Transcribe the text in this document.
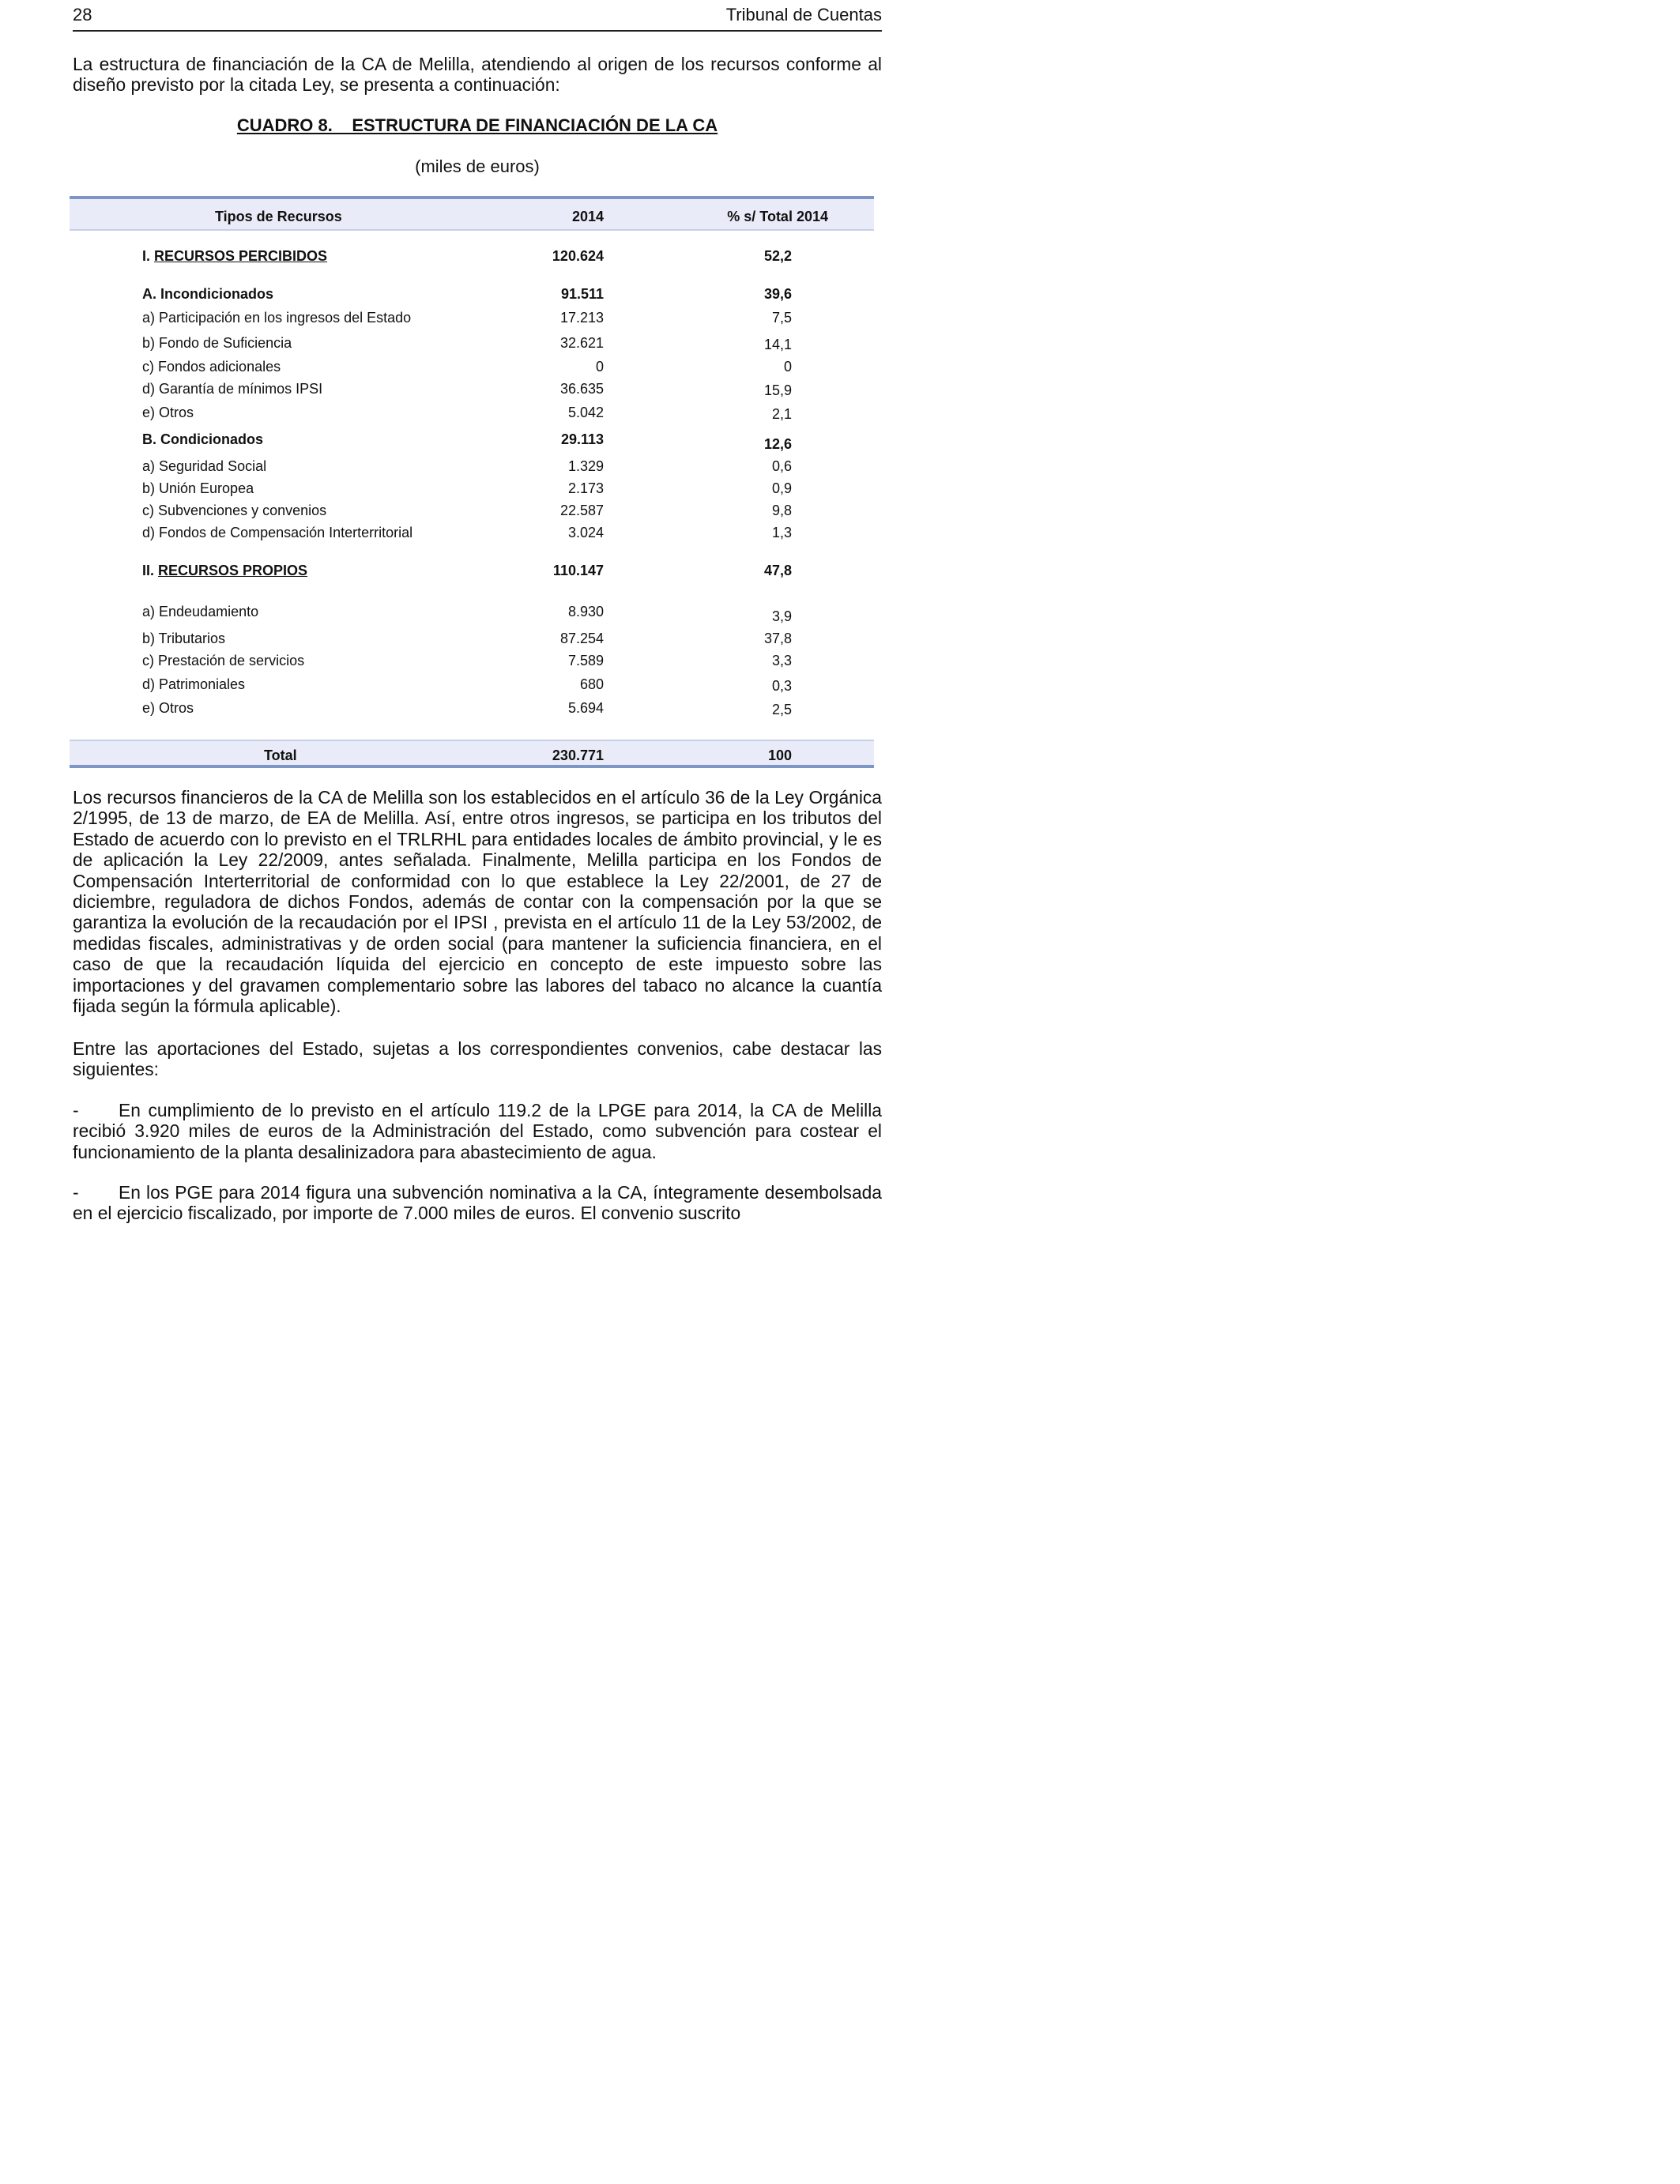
28	Tribunal de Cuentas

La estructura de financiación de la CA de Melilla, atendiendo al origen de los recursos conforme al diseño previsto por la citada Ley, se presenta a continuación:

CUADRO 8.    ESTRUCTURA DE FINANCIACIÓN DE LA CA
(miles de euros)
Tipos de Recursos	2014	% s/ Total 2014
I. RECURSOS PERCIBIDOS	120.624	52,2
A. Incondicionados	91.511	39,6
a) Participación en los ingresos del Estado	17.213	7,5
b) Fondo de Suficiencia	32.621	14,1
c) Fondos adicionales	0	0
d) Garantía de mínimos IPSI	36.635	15,9
e) Otros	5.042	2,1
B. Condicionados	29.113	12,6
a) Seguridad Social	1.329	0,6
b) Unión Europea	2.173	0,9
c) Subvenciones y convenios	22.587	9,8
d) Fondos de Compensación Interterritorial	3.024	1,3
II. RECURSOS PROPIOS	110.147	47,8
a) Endeudamiento	8.930	3,9
b) Tributarios	87.254	37,8
c) Prestación de servicios	7.589	3,3
d) Patrimoniales	680	0,3
e) Otros	5.694	2,5
Total	230.771	100

Los recursos financieros de la CA de Melilla son los establecidos en el artículo 36 de la Ley Orgánica 2/1995, de 13 de marzo, de EA de Melilla. Así, entre otros ingresos, se participa en los tributos del Estado de acuerdo con lo previsto en el TRLRHL para entidades locales de ámbito provincial, y le es de aplicación la Ley 22/2009, antes señalada. Finalmente, Melilla participa en los Fondos de Compensación Interterritorial de conformidad con lo que establece la Ley 22/2001, de 27 de diciembre, reguladora de dichos Fondos, además de contar con la compensación por la que se garantiza la evolución de la recaudación por el IPSI , prevista en el artículo 11 de la Ley 53/2002, de medidas fiscales, administrativas y de orden social (para mantener la suficiencia financiera, en el caso de que la recaudación líquida del ejercicio en concepto de este impuesto sobre las importaciones y del gravamen complementario sobre las labores del tabaco no alcance la cuantía fijada según la fórmula aplicable).

Entre las aportaciones del Estado, sujetas a los correspondientes convenios, cabe destacar las siguientes:

-	En cumplimiento de lo previsto en el artículo 119.2 de la LPGE para 2014, la CA de Melilla recibió 3.920 miles de euros de la Administración del Estado, como subvención para costear el funcionamiento de la planta desalinizadora para abastecimiento de agua.

-	En los PGE para 2014 figura una subvención nominativa a la CA, íntegramente desembolsada en el ejercicio fiscalizado, por importe de 7.000 miles de euros. El convenio suscrito
